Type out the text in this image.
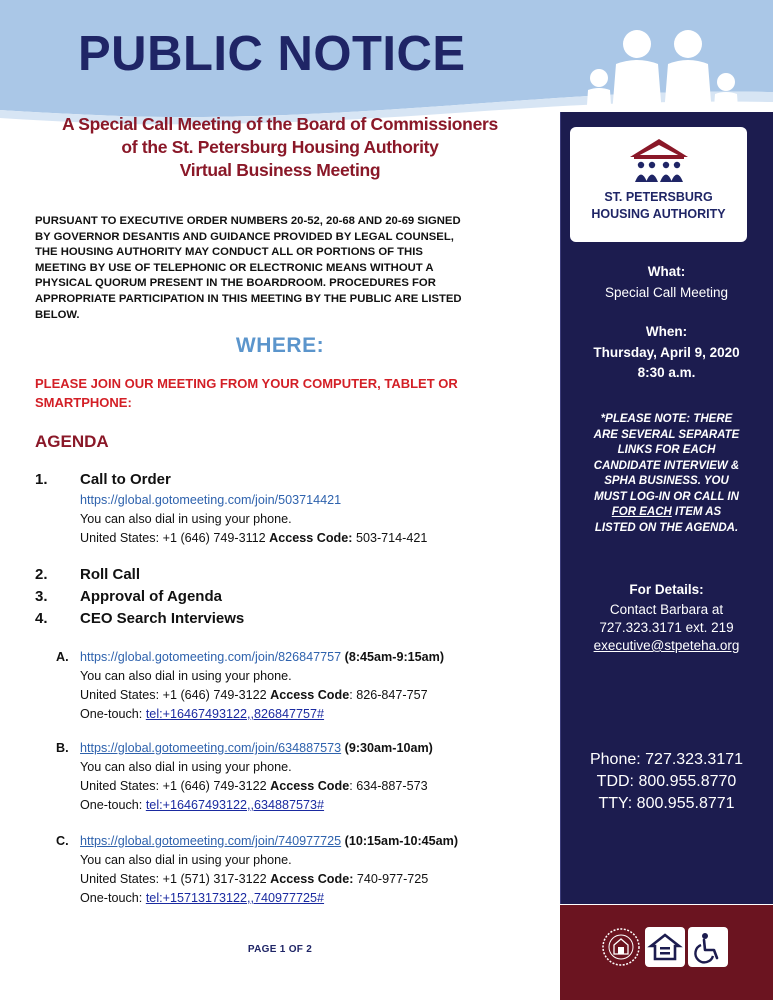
PUBLIC NOTICE
A Special Call Meeting of the Board of Commissioners
of the St. Petersburg Housing Authority
Virtual Business Meeting
PURSUANT TO EXECUTIVE ORDER NUMBERS 20-52, 20-68 AND 20-69 SIGNED
BY GOVERNOR DESANTIS AND GUIDANCE PROVIDED BY LEGAL COUNSEL,
THE HOUSING AUTHORITY MAY CONDUCT ALL OR PORTIONS OF THIS
MEETING BY USE OF TELEPHONIC OR ELECTRONIC MEANS WITHOUT A
PHYSICAL QUORUM PRESENT IN THE BOARDROOM. PROCEDURES FOR
APPROPRIATE PARTICIPATION IN THIS MEETING BY THE PUBLIC ARE LISTED
BELOW.
WHERE:
PLEASE JOIN OUR MEETING FROM YOUR COMPUTER, TABLET OR
SMARTPHONE:
AGENDA
1. Call to Order
https://global.gotomeeting.com/join/503714421
You can also dial in using your phone.
United States: +1 (646) 749-3112 Access Code: 503-714-421
2. Roll Call
3. Approval of Agenda
4. CEO Search Interviews
A. https://global.gotomeeting.com/join/826847757 (8:45am-9:15am)
You can also dial in using your phone.
United States: +1 (646) 749-3122 Access Code: 826-847-757
One-touch: tel:+16467493122,,826847757#
B. https://global.gotomeeting.com/join/634887573 (9:30am-10am)
You can also dial in using your phone.
United States: +1 (646) 749-3122 Access Code: 634-887-573
One-touch: tel:+16467493122,,634887573#
C. https://global.gotomeeting.com/join/740977725 (10:15am-10:45am)
You can also dial in using your phone.
United States: +1 (571) 317-3122 Access Code: 740-977-725
One-touch: tel:+15713173122,,740977725#
PAGE 1 OF 2
ST. PETERSBURG
HOUSING AUTHORITY
What:
Special Call Meeting
When:
Thursday, April 9, 2020
8:30 a.m.
*PLEASE NOTE: THERE
ARE SEVERAL SEPARATE
LINKS FOR EACH
CANDIDATE INTERVIEW &
SPHA BUSINESS. YOU
MUST LOG-IN OR CALL IN
FOR EACH ITEM AS
LISTED ON THE AGENDA.
For Details:
Contact Barbara at
727.323.3171 ext. 219
executive@stpeteha.org
Phone: 727.323.3171
TDD: 800.955.8770
TTY: 800.955.8771
